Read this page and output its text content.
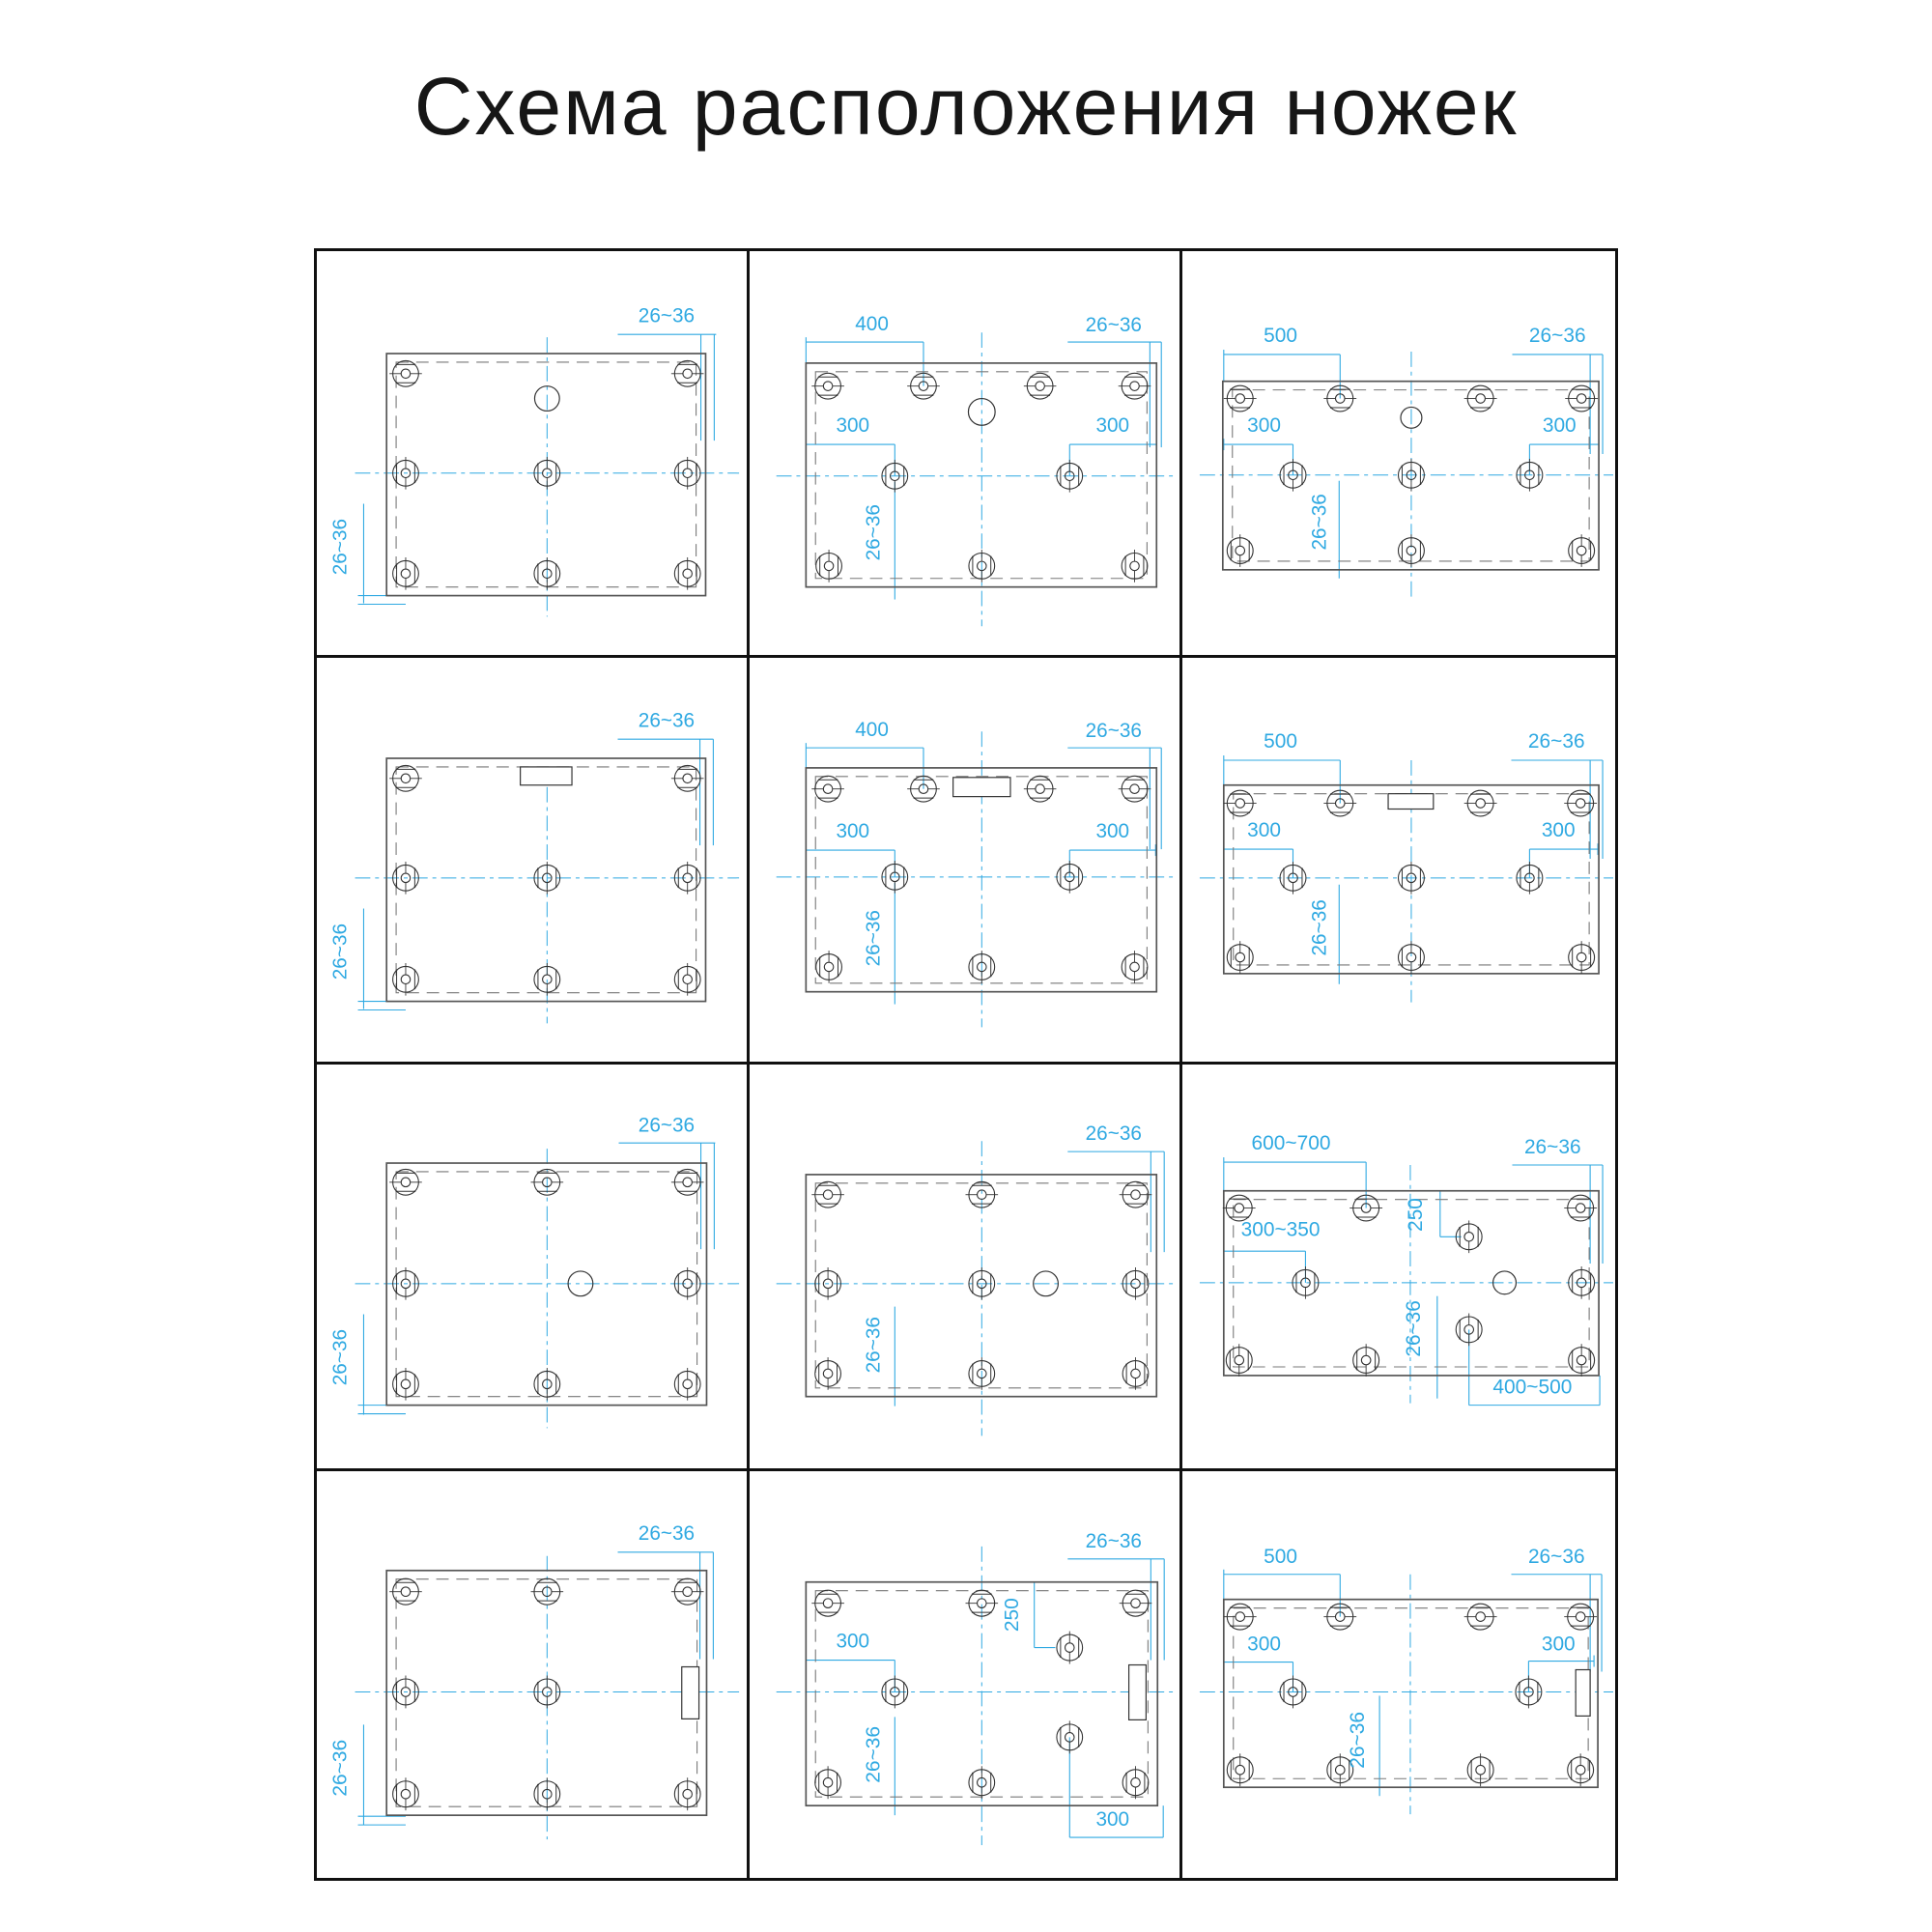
Схема расположения ножек
26~36
26~36
400	26~36
300	300
26~36
500	26~36
300	300
26~36
26~36
26~36
400	26~36
300	300
26~36
500	26~36
300	300
26~36
26~36
26~36
26~36
26~36
600~700	26~36
250
300~350
26~36
400~500
26~36
26~36
26~36
250
300
26~36
300
500	26~36
300	300
26~36
